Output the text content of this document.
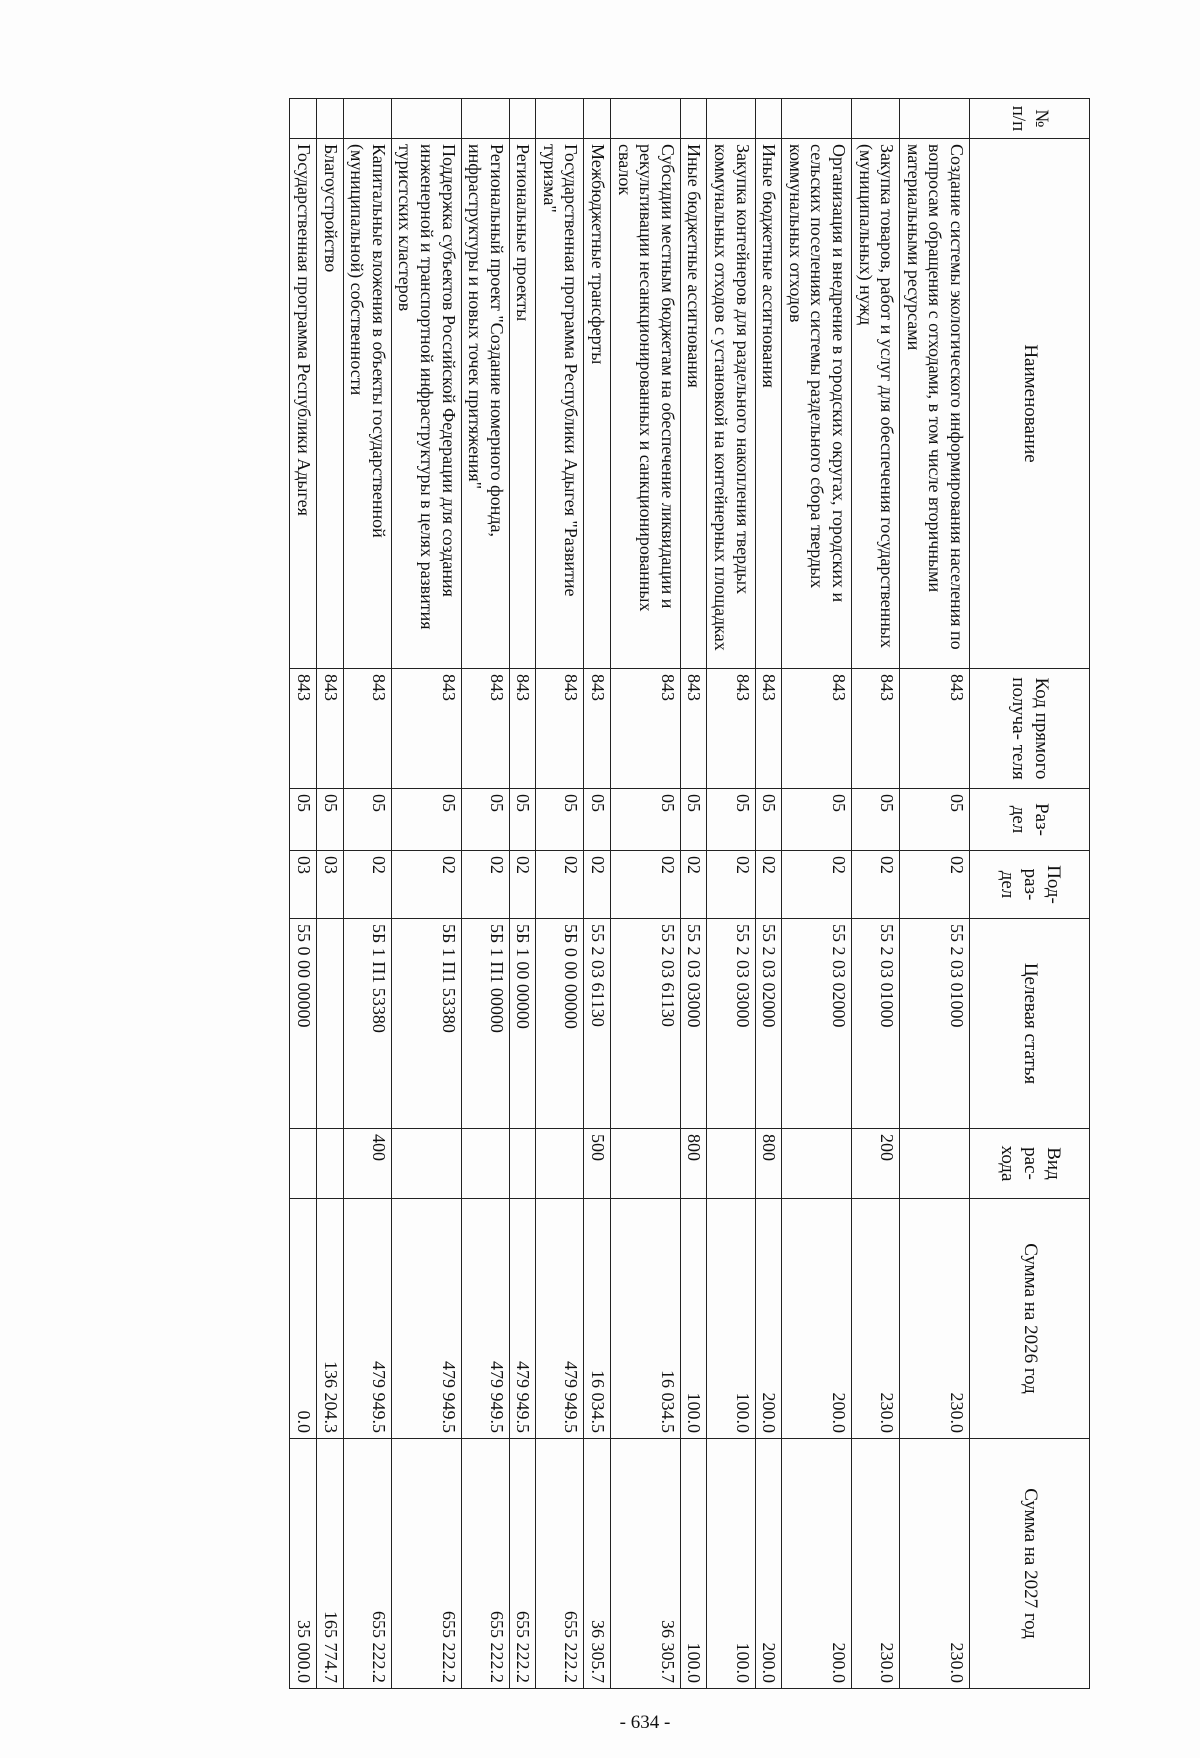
№ п/п	Наименование	Код прямого получа- теля	Раз- дел	Под- раз- дел	Целевая статья	Вид рас- хода	Сумма на 2026 год	Сумма на 2027 год
	Создание системы экологического информирования населения по вопросам обращения с отходами, в том числе вторичными материальными ресурсами	843	05	02	55 2 03 01000		230.0	230.0
	Закупка товаров, работ и услуг для обеспечения государственных (муниципальных) нужд	843	05	02	55 2 03 01000	200	230.0	230.0
	Организация и внедрение в городских округах, городских и сельских поселениях системы раздельного сбора твердых коммунальных отходов	843	05	02	55 2 03 02000		200.0	200.0
	Иные бюджетные ассигнования	843	05	02	55 2 03 02000	800	200.0	200.0
	Закупка контейнеров для раздельного накопления твердых коммунальных отходов с установкой на контейнерных площадках	843	05	02	55 2 03 03000		100.0	100.0
	Иные бюджетные ассигнования	843	05	02	55 2 03 03000	800	100.0	100.0
	Субсидии местным бюджетам на обеспечение ликвидации и рекультивации несанкционированных и санкционированных свалок	843	05	02	55 2 03 61130		16 034.5	36 305.7
	Межбюджетные трансферты	843	05	02	55 2 03 61130	500	16 034.5	36 305.7
	Государственная программа Республики Адыгея "Развитие туризма"	843	05	02	5Б 0 00 00000		479 949.5	655 222.2
	Региональные проекты	843	05	02	5Б 1 00 00000		479 949.5	655 222.2
	Региональный проект "Создание номерного фонда, инфраструктуры и новых точек притяжения"	843	05	02	5Б 1 П1 00000		479 949.5	655 222.2
	Поддержка субъектов Российской Федерации для создания инженерной и транспортной инфраструктуры в целях развития туристских кластеров	843	05	02	5Б 1 П1 53380		479 949.5	655 222.2
	Капитальные вложения в объекты государственной (муниципальной) собственности	843	05	02	5Б 1 П1 53380	400	479 949.5	655 222.2
	Благоустройство	843	05	03			136 204.3	165 774.7
	Государственная программа Республики Адыгея	843	05	03	55 0 00 00000		0.0	35 000.0
- 634 -
